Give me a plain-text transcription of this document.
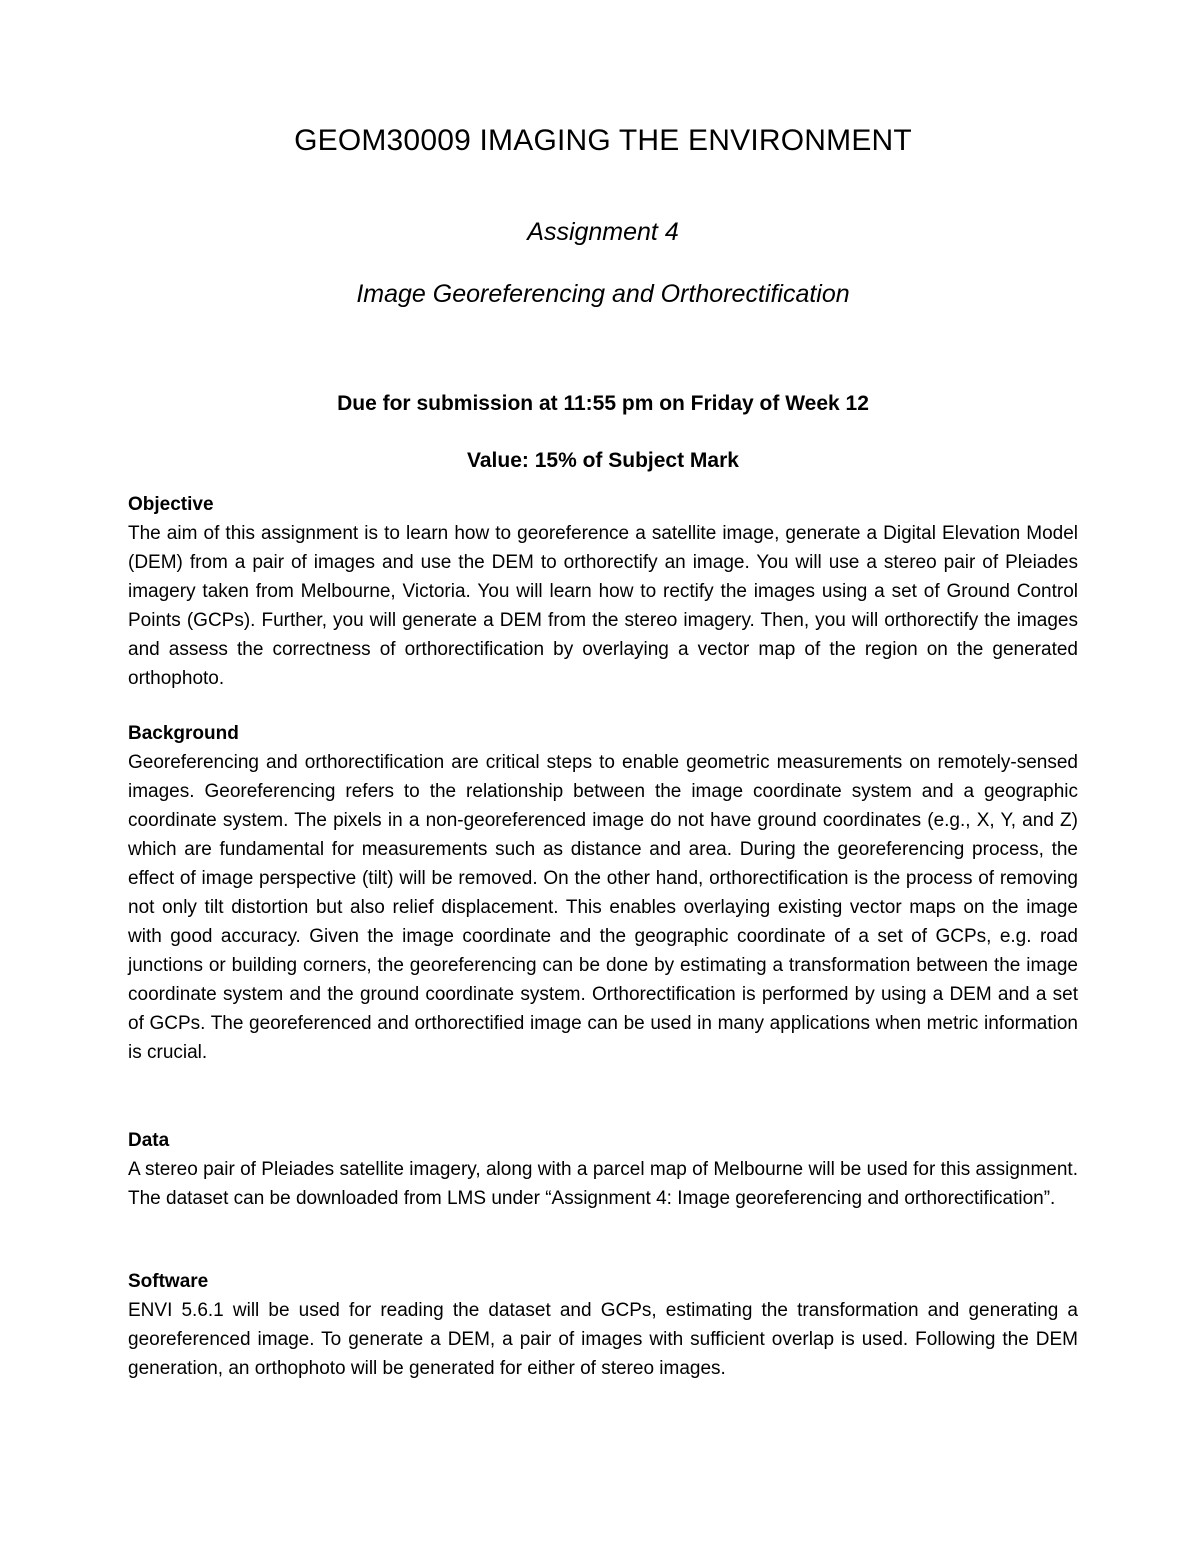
GEOM30009 IMAGING THE ENVIRONMENT
Assignment 4
Image Georeferencing and Orthorectification
Due for submission at 11:55 pm on Friday of Week 12
Value: 15% of Subject Mark
Objective

The aim of this assignment is to learn how to georeference a satellite image, generate a Digital Elevation Model (DEM) from a pair of images and use the DEM to orthorectify an image. You will use a stereo pair of Pleiades imagery taken from Melbourne, Victoria. You will learn how to rectify the images using a set of Ground Control Points (GCPs). Further, you will generate a DEM from the stereo imagery. Then, you will orthorectify the images and assess the correctness of orthorectification by overlaying a vector map of the region on the generated orthophoto.

Background

Georeferencing and orthorectification are critical steps to enable geometric measurements on remotely-sensed images. Georeferencing refers to the relationship between the image coordinate system and a geographic coordinate system. The pixels in a non-georeferenced image do not have ground coordinates (e.g., X, Y, and Z) which are fundamental for measurements such as distance and area. During the georeferencing process, the effect of image perspective (tilt) will be removed. On the other hand, orthorectification is the process of removing not only tilt distortion but also relief displacement. This enables overlaying existing vector maps on the image with good accuracy. Given the image coordinate and the geographic coordinate of a set of GCPs, e.g. road junctions or building corners, the georeferencing can be done by estimating a transformation between the image coordinate system and the ground coordinate system. Orthorectification is performed by using a DEM and a set of GCPs. The georeferenced and orthorectified image can be used in many applications when metric information is crucial.

Data

A stereo pair of Pleiades satellite imagery, along with a parcel map of Melbourne will be used for this assignment. The dataset can be downloaded from LMS under “Assignment 4: Image georeferencing and orthorectification”.

Software

ENVI 5.6.1 will be used for reading the dataset and GCPs, estimating the transformation and generating a georeferenced image. To generate a DEM, a pair of images with sufficient overlap is used. Following the DEM generation, an orthophoto will be generated for either of stereo images.
